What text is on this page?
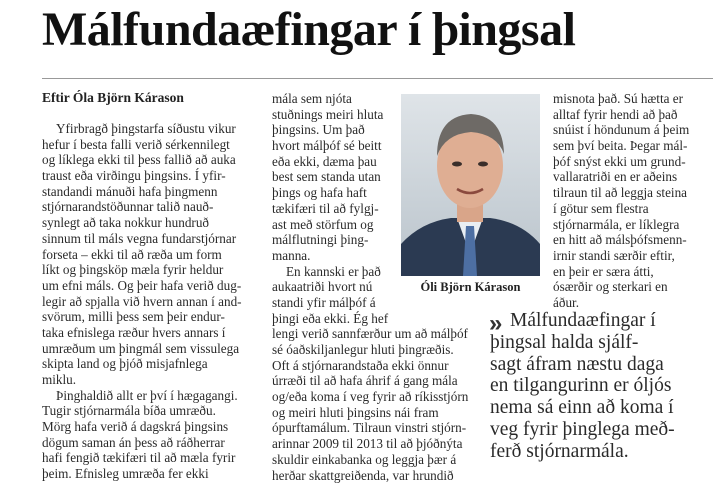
Málfundaæfingar í þingsal
Eftir Óla Björn Kárason
Yfirbragð þingstarfa síðustu vikur
hefur í besta falli verið sérkennilegt
og líklega ekki til þess fallið að auka
traust eða virðingu þingsins. Í yfir-
standandi mánuði hafa þingmenn
stjórnarandstöðunnar talið nauð-
synlegt að taka nokkur hundruð
sinnum til máls vegna fundarstjórnar
forseta – ekki til að ræða um form
líkt og þingsköp mæla fyrir heldur
um efni máls. Og þeir hafa verið dug-
legir að spjalla við hvern annan í and-
svörum, milli þess sem þeir endur-
taka efnislega ræður hvers annars í
umræðum um þingmál sem vissulega
skipta land og þjóð misjafnlega
miklu.
Þinghaldið allt er því í hægagangi.
Tugir stjórnarmála bíða umræðu.
Mörg hafa verið á dagskrá þingsins
dögum saman án þess að ráðherrar
hafi fengið tækifæri til að mæla fyrir
þeim. Efnisleg umræða fer ekki
mála sem njóta
stuðnings meiri hluta
þingsins. Um það
hvort málþóf sé beitt
eða ekki, dæma þau
best sem standa utan
þings og hafa haft
tækifæri til að fylgj-
ast með störfum og
málflutningi þing-
manna.
En kannski er það
aukaatriði hvort nú
standi yfir málþóf á
þingi eða ekki. Ég hef
lengi verið sannfærður um að málþóf
sé óaðskiljanlegur hluti þingræðis.
Oft á stjórnarandstaða ekki önnur
úrræði til að hafa áhrif á gang mála
og/eða koma í veg fyrir að ríkisstjórn
og meiri hluti þingsins nái fram
ópurftamálum. Tilraun vinstri stjórn-
arinnar 2009 til 2013 til að þjóðnýta
skuldir einkabanka og leggja þær á
herðar skattgreiðenda, var hrundið
misnota það. Sú hætta er
alltaf fyrir hendi að það
snúist í höndunum á þeim
sem því beita. Þegar mál-
þóf snýst ekki um grund-
vallaratriði en er aðeins
tilraun til að leggja steina
í götur sem flestra
stjórnarmála, er líklegra
en hitt að málsþófsmenn-
irnir standi særðir eftir,
en þeir er særa átti,
ósærðir og sterkari en
áður.
Óli Björn Kárason
» Málfundaæfingar í
þingsal halda sjálf-
sagt áfram næstu daga
en tilgangurinn er óljós
nema sá einn að koma í
veg fyrir þinglega með-
ferð stjórnarmála.
